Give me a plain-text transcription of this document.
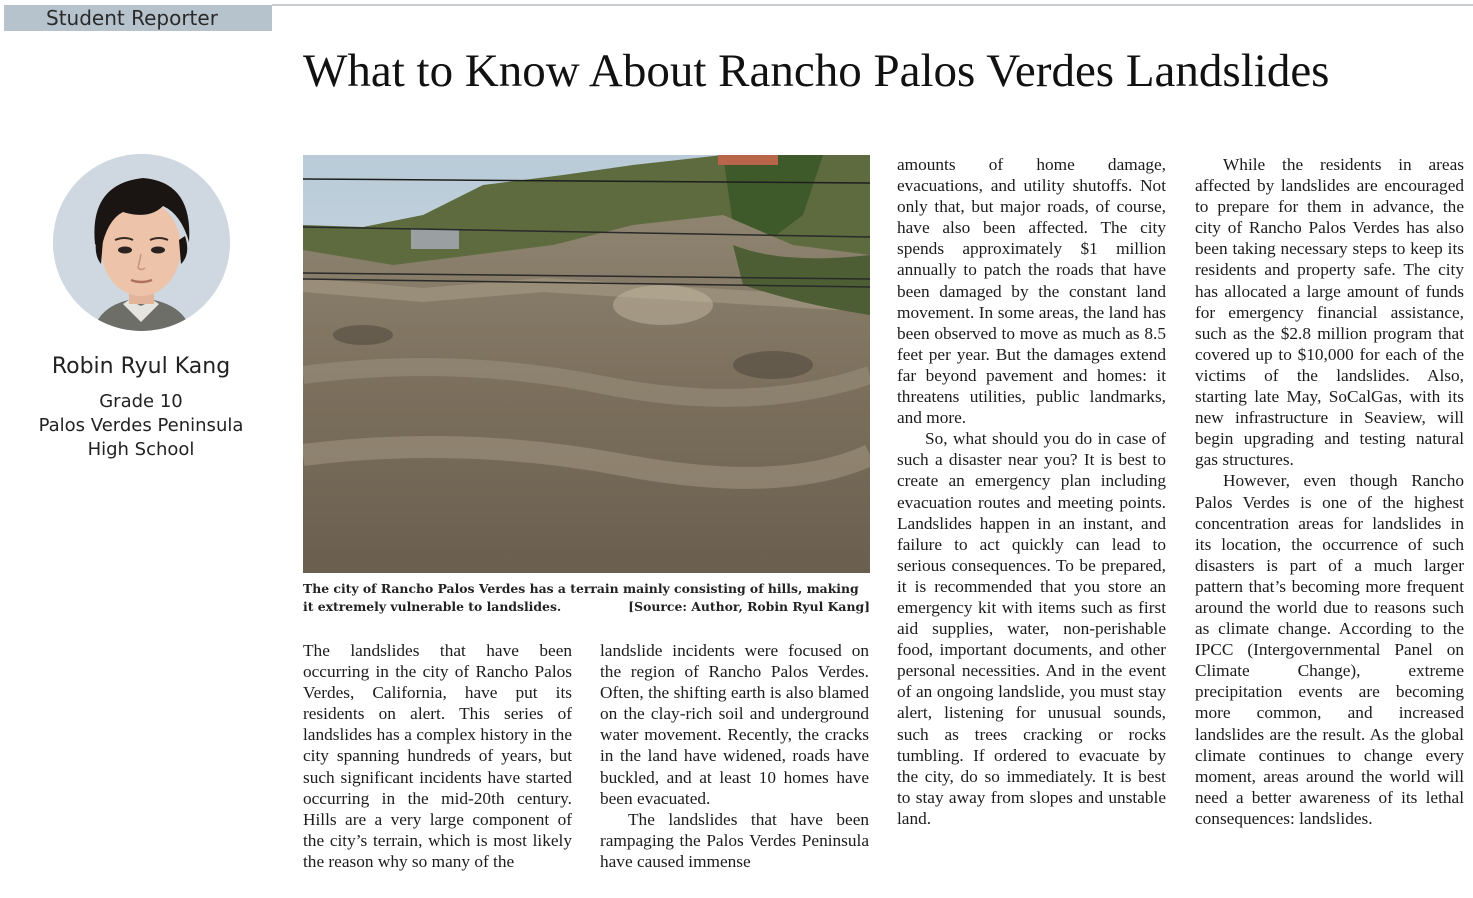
Student Reporter
What to Know About Rancho Palos Verdes Landslides
Robin Ryul Kang
Grade 10
Palos Verdes Peninsula High School
The city of Rancho Palos Verdes has a terrain mainly consisting of hills, making it extremely vulnerable to landslides.	[Source: Author, Robin Ryul Kang]

The landslides that have been occurring in the city of Rancho Palos Verdes, California, have put its residents on alert. This series of landslides has a complex history in the city spanning hundreds of years, but such significant incidents have started occurring in the mid-20th century. Hills are a very large component of the city’s terrain, which is most likely the reason why so many of the

landslide incidents were focused on the region of Rancho Palos Verdes. Often, the shifting earth is also blamed on the clay-rich soil and underground water movement. Recently, the cracks in the land have widened, roads have buckled, and at least 10 homes have been evacuated.

The landslides that have been rampaging the Palos Verdes Peninsula have caused immense

amounts of home damage, evacuations, and utility shutoffs. Not only that, but major roads, of course, have also been affected. The city spends approximately $1 million annually to patch the roads that have been damaged by the constant land movement. In some areas, the land has been observed to move as much as 8.5 feet per year. But the damages extend far beyond pavement and homes: it threatens utilities, public landmarks, and more.

So, what should you do in case of such a disaster near you? It is best to create an emergency plan including evacuation routes and meeting points. Landslides happen in an instant, and failure to act quickly can lead to serious consequences. To be prepared, it is recommended that you store an emergency kit with items such as first aid supplies, water, non-perishable food, important documents, and other personal necessities. And in the event of an ongoing landslide, you must stay alert, listening for unusual sounds, such as trees cracking or rocks tumbling. If ordered to evacuate by the city, do so immediately. It is best to stay away from slopes and unstable land.

While the residents in areas affected by landslides are encouraged to prepare for them in advance, the city of Rancho Palos Verdes has also been taking necessary steps to keep its residents and property safe. The city has allocated a large amount of funds for emergency financial assistance, such as the $2.8 million program that covered up to $10,000 for each of the victims of the landslides. Also, starting late May, SoCalGas, with its new infrastructure in Seaview, will begin upgrading and testing natural gas structures.

However, even though Rancho Palos Verdes is one of the highest concentration areas for landslides in its location, the occurrence of such disasters is part of a much larger pattern that’s becoming more frequent around the world due to reasons such as climate change. According to the IPCC (Intergovernmental Panel on Climate Change), extreme precipitation events are becoming more common, and increased landslides are the result. As the global climate continues to change every moment, areas around the world will need a better awareness of its lethal consequences: landslides.
